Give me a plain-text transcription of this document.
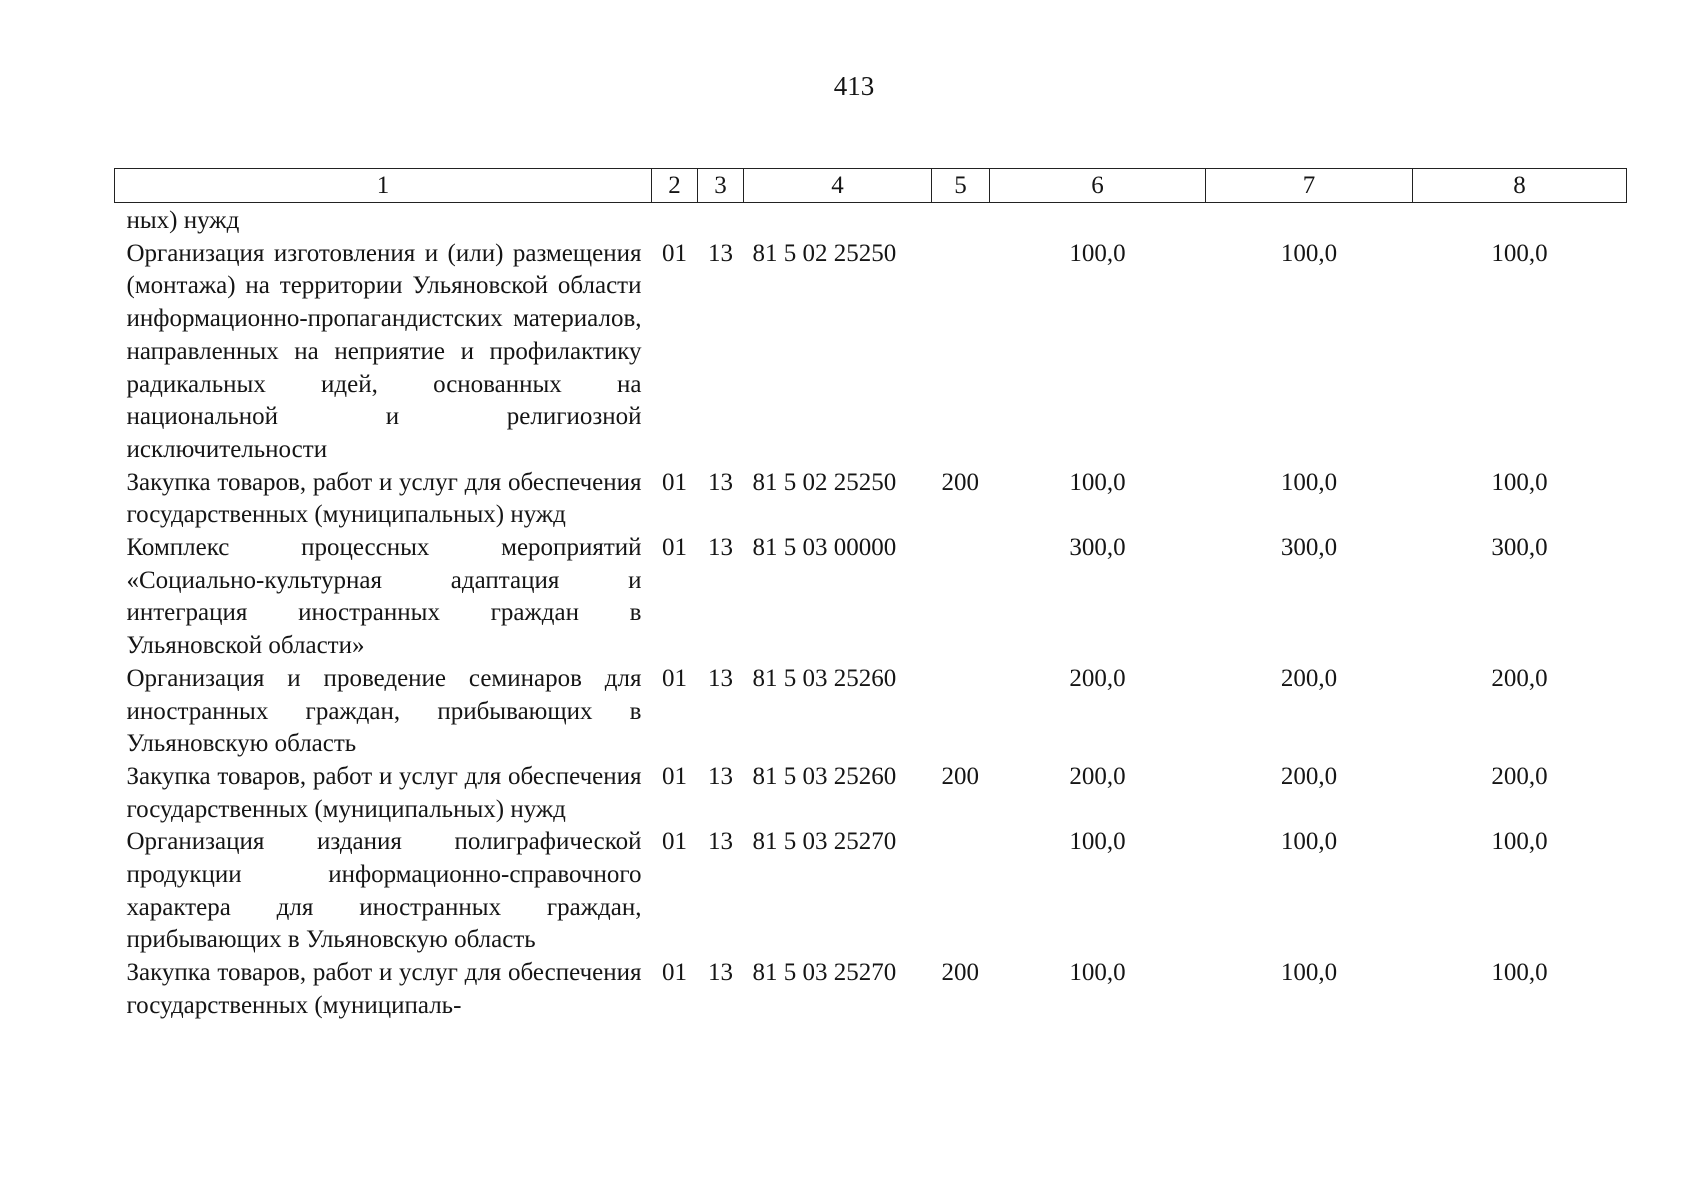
413
1	2	3	4	5	6	7	8
ных) нужд							
Организация изготовления и (или) размещения (монтажа) на территории Ульяновской области информационно-пропагандистских материалов, направленных на неприятие и профилактику радикальных идей, основанных на национальной и религиозной исключительности	01	13	81 5 02 25250		100,0	100,0	100,0
Закупка товаров, работ и услуг для обеспечения государственных (муниципальных) нужд	01	13	81 5 02 25250	200	100,0	100,0	100,0
Комплекс процессных мероприятий «Социально-культурная адаптация и интеграция иностранных граждан в Ульяновской области»	01	13	81 5 03 00000		300,0	300,0	300,0
Организация и проведение семинаров для иностранных граждан, прибывающих в Ульяновскую область	01	13	81 5 03 25260		200,0	200,0	200,0
Закупка товаров, работ и услуг для обеспечения государственных (муниципальных) нужд	01	13	81 5 03 25260	200	200,0	200,0	200,0
Организация издания полиграфической продукции информационно-справочного характера для иностранных граждан, прибывающих в Ульяновскую область	01	13	81 5 03 25270		100,0	100,0	100,0
Закупка товаров, работ и услуг для обеспечения государственных (муниципаль-	01	13	81 5 03 25270	200	100,0	100,0	100,0
